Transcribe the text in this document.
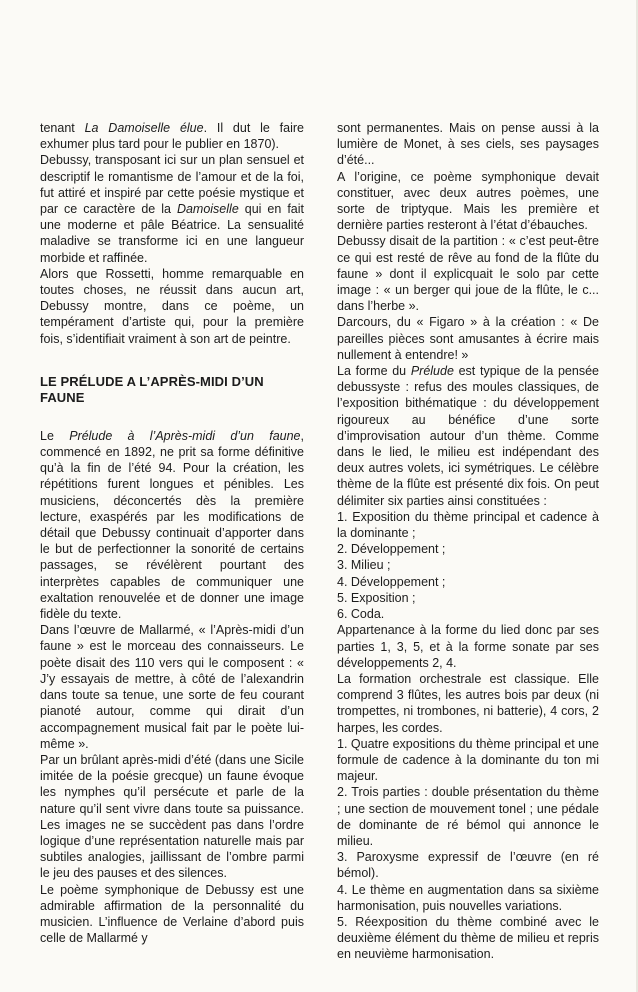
tenant La Damoiselle élue. Il dut le faire exhumer plus tard pour le publier en 1870).

Debussy, transposant ici sur un plan sensuel et descriptif le romantisme de l’amour et de la foi, fut attiré et inspiré par cette poésie mystique et par ce caractère de la Damoiselle qui en fait une moderne et pâle Béatrice. La sensualité maladive se transforme ici en une langueur morbide et raffinée.

Alors que Rossetti, homme remarquable en toutes choses, ne réussit dans aucun art, Debussy montre, dans ce poème, un tempérament d’artiste qui, pour la première fois, s’identifiait vraiment à son art de peintre.

LE PRÉLUDE A L’APRÈS-MIDI D’UN FAUNE

Le Prélude à l’Après-midi d’un faune, commencé en 1892, ne prit sa forme définitive qu’à la fin de l’été 94. Pour la création, les répétitions furent longues et pénibles. Les musiciens, déconcertés dès la première lecture, exaspérés par les modifications de détail que Debussy continuait d’apporter dans le but de perfectionner la sonorité de certains passages, se révélèrent pourtant des interprètes capables de communiquer une exaltation renouvelée et de donner une image fidèle du texte.

Dans l’œuvre de Mallarmé, « l’Après-midi d’un faune » est le morceau des connaisseurs. Le poète disait des 110 vers qui le composent : « J’y essayais de mettre, à côté de l’alexandrin dans toute sa tenue, une sorte de feu courant pianoté autour, comme qui dirait d’un accompagnement musical fait par le poète lui-même ».

Par un brûlant après-midi d’été (dans une Sicile imitée de la poésie grecque) un faune évoque les nymphes qu’il persécute et parle de la nature qu’il sent vivre dans toute sa puissance. Les images ne se succèdent pas dans l’ordre logique d’une représentation naturelle mais par subtiles analogies, jaillissant de l’ombre parmi le jeu des pauses et des silences.

Le poème symphonique de Debussy est une admirable affirmation de la personnalité du musicien. L’influence de Verlaine d’abord puis celle de Mallarmé y

sont permanentes. Mais on pense aussi à la lumière de Monet, à ses ciels, ses paysages d’été...

A l’origine, ce poème symphonique devait constituer, avec deux autres poèmes, une sorte de triptyque. Mais les première et dernière parties resteront à l’état d’ébauches.

Debussy disait de la partition : « c’est peut-être ce qui est resté de rêve au fond de la flûte du faune » dont il explicquait le solo par cette image : « un berger qui joue de la flûte, le c... dans l’herbe ».

Darcours, du « Figaro » à la création : « De pareilles pièces sont amusantes à écrire mais nullement à entendre! »

La forme du Prélude est typique de la pensée debussyste : refus des moules classiques, de l’exposition bithématique : du développement rigoureux au bénéfice d’une sorte d’improvisation autour d’un thème. Comme dans le lied, le milieu est indépendant des deux autres volets, ici symétriques. Le célèbre thème de la flûte est présenté dix fois. On peut délimiter six parties ainsi constituées :

1. Exposition du thème principal et cadence à la dominante ;

2. Développement ;

3. Milieu ;

4. Développement ;

5. Exposition ;

6. Coda.

Appartenance à la forme du lied donc par ses parties 1, 3, 5, et à la forme sonate par ses développements 2, 4.

La formation orchestrale est classique. Elle comprend 3 flûtes, les autres bois par deux (ni trompettes, ni trombones, ni batterie), 4 cors, 2 harpes, les cordes.

1. Quatre expositions du thème principal et une formule de cadence à la dominante du ton mi majeur.

2. Trois parties : double présentation du thème ; une section de mouvement tonel ; une pédale de dominante de ré bémol qui annonce le milieu.

3. Paroxysme expressif de l’œuvre (en ré bémol).

4. Le thème en augmentation dans sa sixième harmonisation, puis nouvelles variations.

5. Réexposition du thème combiné avec le deuxième élément du thème de milieu et repris en neuvième harmonisation.
